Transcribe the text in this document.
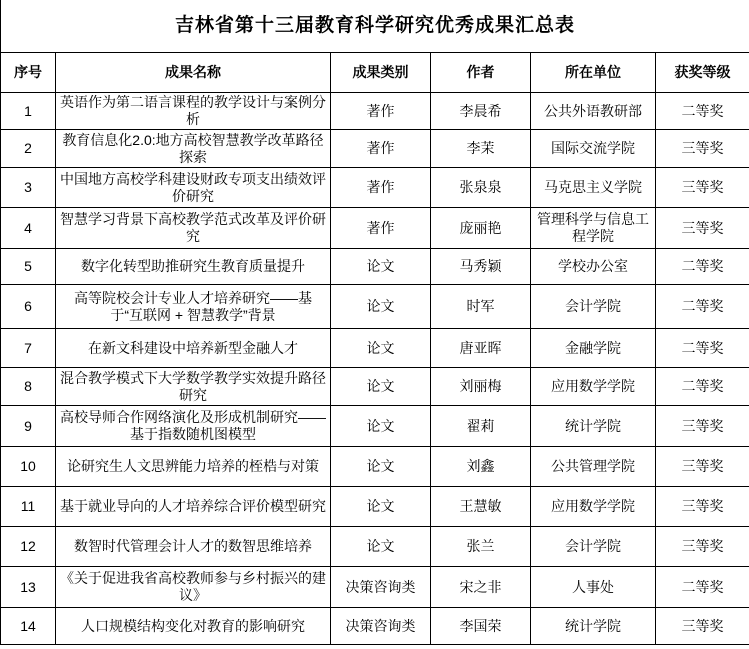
吉林省第十三届教育科学研究优秀成果汇总表					
序号	成果名称	成果类别	作者	所在单位	获奖等级
1	英语作为第二语言课程的教学设计与案例分析	著作	李晨希	公共外语教研部	二等奖
2	教育信息化2.0:地方高校智慧教学改革路径探索	著作	李茉	国际交流学院	三等奖
3	中国地方高校学科建设财政专项支出绩效评价研究	著作	张泉泉	马克思主义学院	三等奖
4	智慧学习背景下高校教学范式改革及评价研究	著作	庞丽艳	管理科学与信息工程学院	三等奖
5	数字化转型助推研究生教育质量提升	论文	马秀颖	学校办公室	二等奖
6	高等院校会计专业人才培养研究——基于“互联网 + 智慧教学”背景	论文	时军	会计学院	二等奖
7	在新文科建设中培养新型金融人才	论文	唐亚晖	金融学院	二等奖
8	混合教学模式下大学数学教学实效提升路径研究	论文	刘丽梅	应用数学学院	二等奖
9	高校导师合作网络演化及形成机制研究——基于指数随机图模型	论文	翟莉	统计学院	三等奖
10	论研究生人文思辨能力培养的桎梏与对策	论文	刘鑫	公共管理学院	三等奖
11	基于就业导向的人才培养综合评价模型研究	论文	王慧敏	应用数学学院	三等奖
12	数智时代管理会计人才的数智思维培养	论文	张兰	会计学院	三等奖
13	《关于促进我省高校教师参与乡村振兴的建议》	决策咨询类	宋之非	人事处	二等奖
14	人口规模结构变化对教育的影响研究	决策咨询类	李国荣	统计学院	三等奖
